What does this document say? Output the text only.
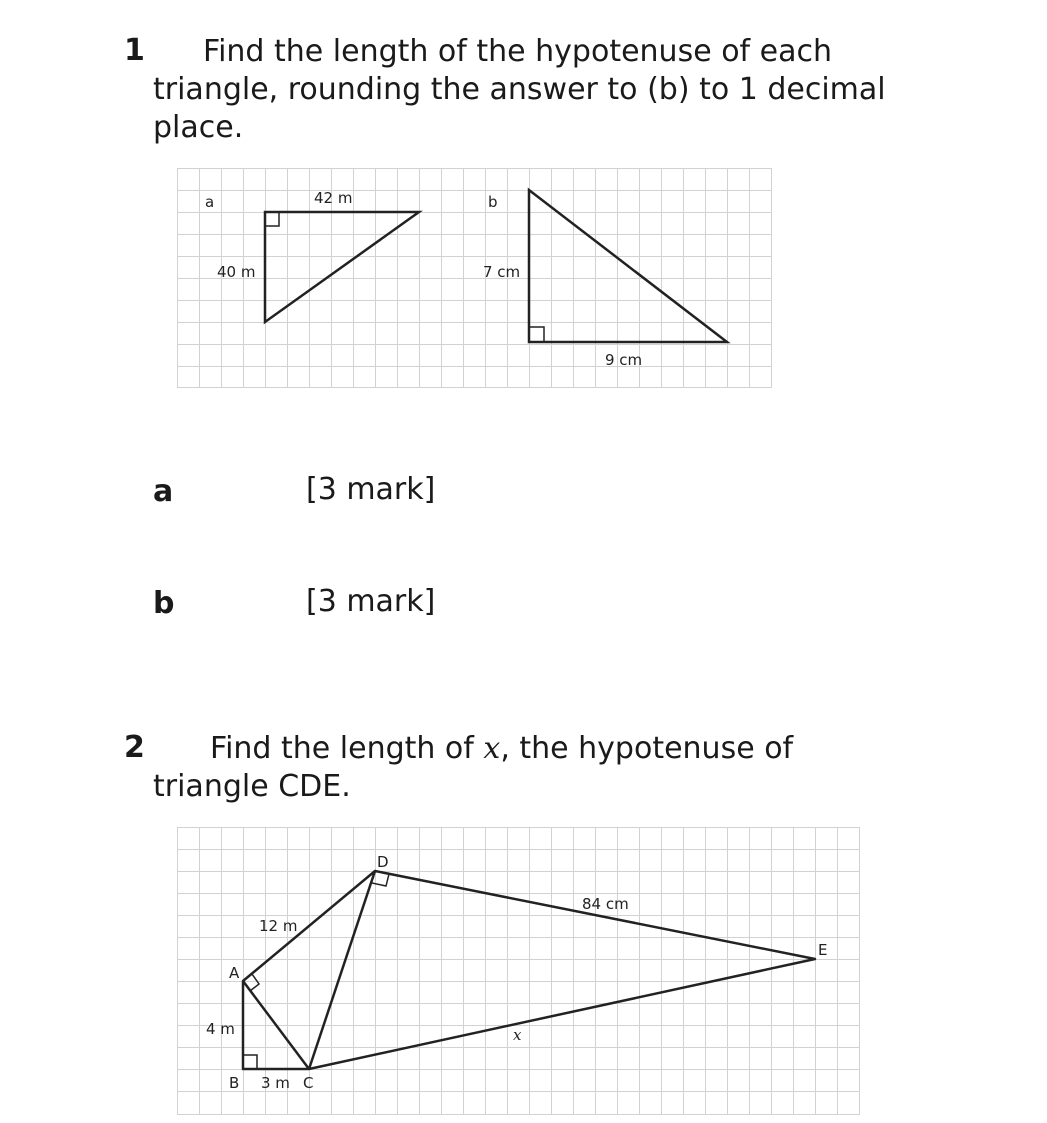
1 Find the length of the hypotenuse of each
triangle, rounding the answer to (b) to 1 decimal
place.
a	42 m
40 m
b
7 cm
9 cm
a	[3 mark]
b	[3 mark]
2 Find the length of x, the hypotenuse of
triangle CDE.
D
E
A
B	C
12 m
84 cm
4 m
3 m
x
